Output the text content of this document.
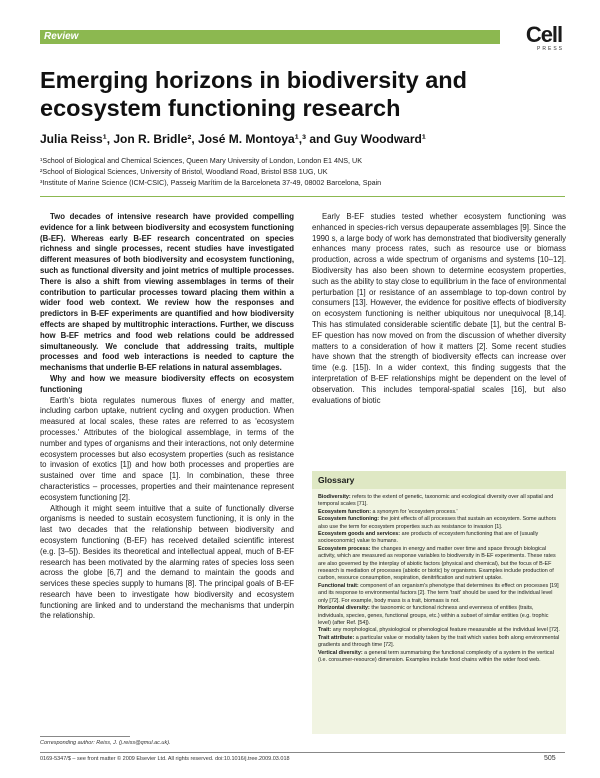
Review	Cell
PRESS
Emerging horizons in biodiversity and ecosystem functioning research
Julia Reiss¹, Jon R. Bridle², José M. Montoya¹,³ and Guy Woodward¹
¹School of Biological and Chemical Sciences, Queen Mary University of London, London E1 4NS, UK
²School of Biological Sciences, University of Bristol, Woodland Road, Bristol BS8 1UG, UK
³Institute of Marine Science (ICM-CSIC), Passeig Marítim de la Barceloneta 37-49, 08002 Barcelona, Spain

Two decades of intensive research have provided compelling evidence for a link between biodiversity and ecosystem functioning (B-EF). Whereas early B-EF research concentrated on species richness and single processes, recent studies have investigated different measures of both biodiversity and ecosystem functioning, such as functional diversity and joint metrics of multiple processes. There is also a shift from viewing assemblages in terms of their contribution to particular processes toward placing them within a wider food web context. We review how the responses and predictors in B-EF experiments are quantified and how biodiversity effects are shaped by multitrophic interactions. Further, we discuss how B-EF metrics and food web relations could be addressed simultaneously. We conclude that addressing traits, multiple processes and food web interactions is needed to capture the mechanisms that underlie B-EF relations in natural assemblages.

Why and how we measure biodiversity effects on ecosystem functioning

Earth's biota regulates numerous fluxes of energy and matter, including carbon uptake, nutrient cycling and oxygen production. When measured at local scales, these rates are referred to as 'ecosystem processes.' Attributes of the biological assemblage, in terms of the number and types of organisms and their interactions, not only determine ecosystem processes but also ecosystem properties (such as resistance to invasion of exotics [1]) and how both processes and properties are sustained over time and space [1]. In combination, these three characteristics – processes, properties and their maintenance represent ecosystem functioning [2].

Although it might seem intuitive that a suite of functionally diverse organisms is needed to sustain ecosystem functioning, it is only in the last two decades that the relationship between biodiversity and ecosystem functioning (B-EF) has received detailed scientific interest (e.g. [3–5]). Besides its theoretical and intellectual appeal, much of B-EF research has been motivated by the alarming rates of species loss seen across the globe [6,7] and the demand to maintain the goods and services these species supply to humans [8]. The principal goals of B-EF research have been to investigate how biodiversity and ecosystem functioning are linked and to understand the mechanisms that underpin the relationship.

Early B-EF studies tested whether ecosystem functioning was enhanced in species-rich versus depauperate assemblages [9]. Since the 1990 s, a large body of work has demonstrated that biodiversity generally enhances many process rates, such as resource use or biomass production, across a wide spectrum of organisms and systems [10–12]. Biodiversity has also been shown to determine ecosystem properties, such as the ability to stay close to equilibrium in the face of environmental perturbation [1] or resistance of an assemblage to top-down control by consumers [13]. However, the evidence for positive effects of biodiversity on ecosystem functioning is neither ubiquitous nor unequivocal [8,14]. This has stimulated considerable scientific debate [1], but the central B-EF question has now moved on from the discussion of whether diversity matters to a consideration of how it matters [2]. Some recent studies have shown that the strength of biodiversity effects can increase over time (e.g. [15]). In a wider context, this finding suggests that the interpretation of B-EF relationships might be dependent on the level of observation. This includes temporal-spatial scales [16], but also evaluations of biotic

Glossary

Biodiversity: refers to the extent of genetic, taxonomic and ecological diversity over all spatial and temporal scales [71].

Ecosystem function: a synonym for 'ecosystem process.'

Ecosystem functioning: the joint effects of all processes that sustain an ecosystem. Some authors also use the term for ecosystem properties such as resistance to invasion [1].

Ecosystem goods and services: are products of ecosystem functioning that are of (usually socioeconomic) value to humans.

Ecosystem process: the changes in energy and matter over time and space through biological activity, which are measured as response variables to biodiversity in B-EF experiments. These rates are also governed by the interplay of abiotic factors (physical and chemical), but the focus of B-EF research is mediation of processes (abiotic or biotic) by organisms. Examples include production of carbon, resource consumption, respiration, denitrification and nutrient uptake.

Functional trait: component of an organism's phenotype that determines its effect on processes [19] and its response to environmental factors [2]. The term 'trait' should be used for the individual level only [72]. For example, body mass is a trait, biomass is not.

Horizontal diversity: the taxonomic or functional richness and evenness of entities (traits, individuals, species, genes, functional groups, etc.) within a subset of similar entities (e.g. trophic level) (after Ref. [54]).

Trait: any morphological, physiological or phenological feature measurable at the individual level [72].

Trait attribute: a particular value or modality taken by the trait which varies both along environmental gradients and through time [72].

Vertical diversity: a general term summarising the functional complexity of a system in the vertical (i.e. consumer-resource) dimension. Examples include food chains within the wider food web.

Corresponding author: Reiss, J. (j.reiss@qmul.ac.uk).
0169-5347/$ – see front matter © 2009 Elsevier Ltd. All rights reserved. doi:10.1016/j.tree.2009.03.018	505
